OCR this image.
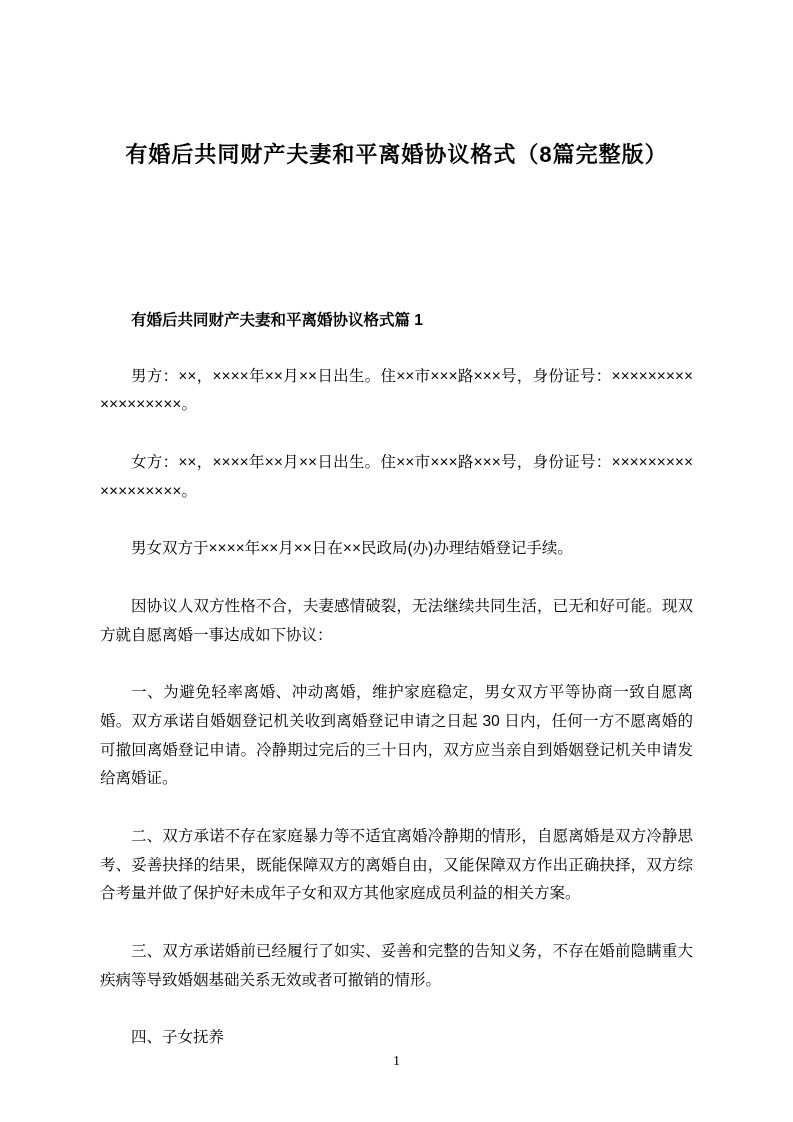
有婚后共同财产夫妻和平离婚协议格式（8篇完整版）
有婚后共同财产夫妻和平离婚协议格式篇 1

男方：××，××××年××月××日出生。住××市×××路×××号，身份证号：××××××××××××××××××。

女方：××，××××年××月××日出生。住××市×××路×××号，身份证号：××××××××××××××××××。

男女双方于××××年××月××日在××民政局(办)办理结婚登记手续。

因协议人双方性格不合，夫妻感情破裂，无法继续共同生活，已无和好可能。现双方就自愿离婚一事达成如下协议：

一、为避免轻率离婚、冲动离婚，维护家庭稳定，男女双方平等协商一致自愿离婚。双方承诺自婚姻登记机关收到离婚登记申请之日起 30 日内，任何一方不愿离婚的可撤回离婚登记申请。冷静期过完后的三十日内，双方应当亲自到婚姻登记机关申请发给离婚证。

二、双方承诺不存在家庭暴力等不适宜离婚冷静期的情形，自愿离婚是双方冷静思考、妥善抉择的结果，既能保障双方的离婚自由，又能保障双方作出正确抉择，双方综合考量并做了保护好未成年子女和双方其他家庭成员利益的相关方案。

三、双方承诺婚前已经履行了如实、妥善和完整的告知义务，不存在婚前隐瞒重大疾病等导致婚姻基础关系无效或者可撤销的情形。

四、子女抚养

1
